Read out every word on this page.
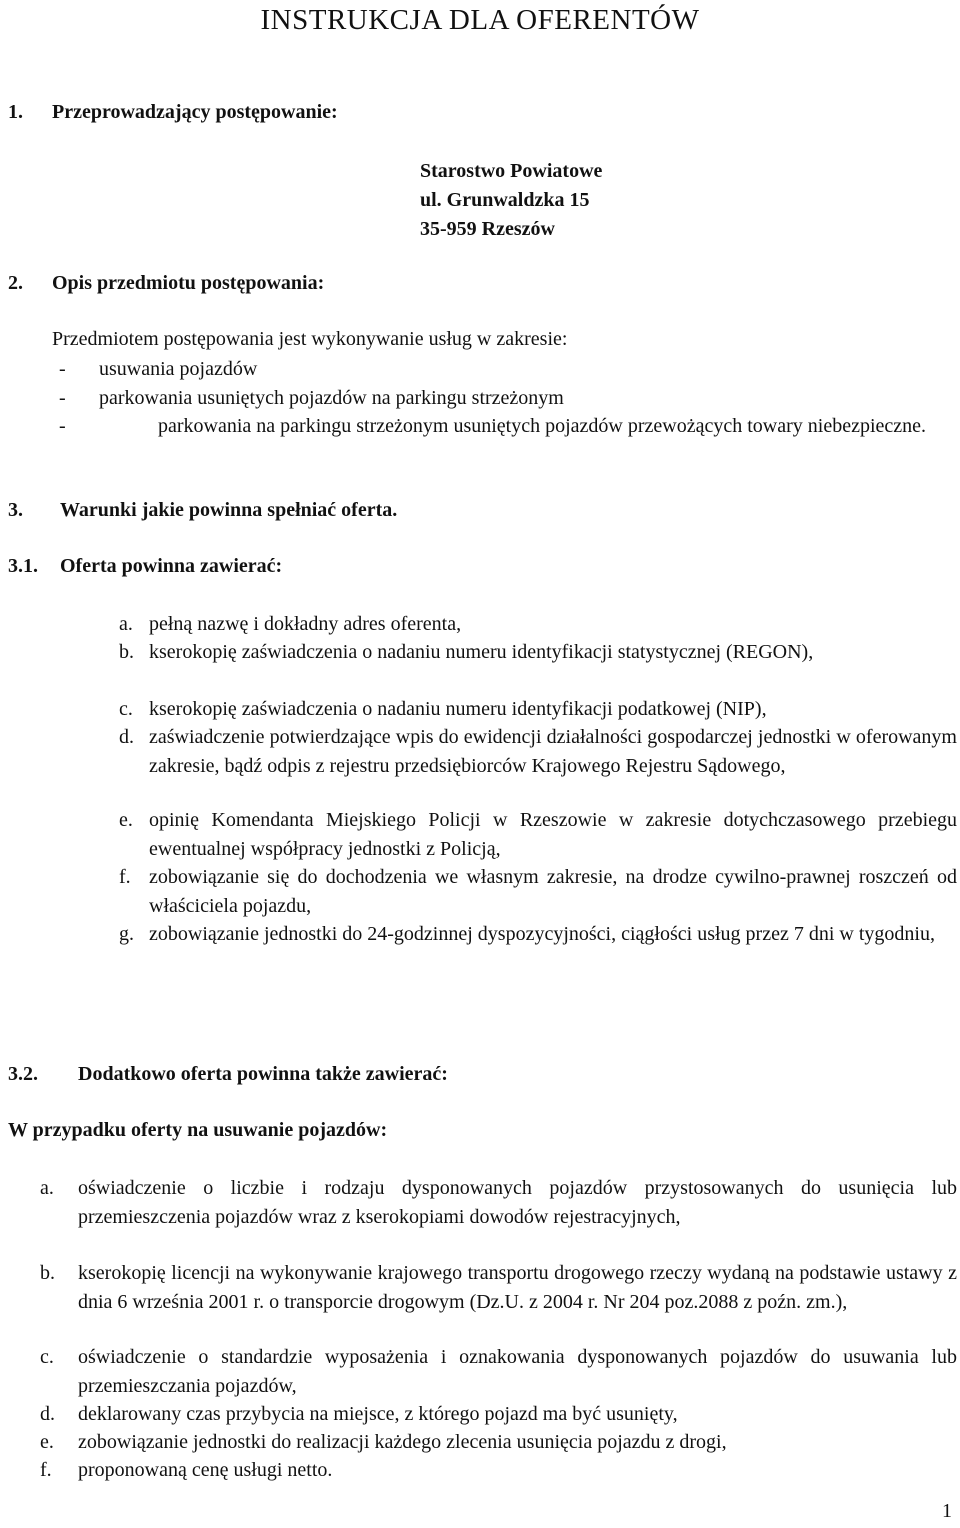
INSTRUKCJA DLA OFERENTÓW
1. Przeprowadzający postępowanie:
Starostwo Powiatowe
ul. Grunwaldzka 15
35-959 Rzeszów
2. Opis przedmiotu postępowania:
Przedmiotem postępowania jest wykonywanie usług w zakresie:
- usuwania pojazdów
- parkowania usuniętych pojazdów na parkingu strzeżonym
-	parkowania na parkingu strzeżonym usuniętych pojazdów przewożących towary niebezpieczne.
3. Warunki jakie powinna spełniać oferta.
3.1. Oferta powinna zawierać:
a. pełną nazwę i dokładny adres oferenta,
b. kserokopię zaświadczenia o nadaniu numeru identyfikacji statystycznej (REGON),
c. kserokopię zaświadczenia o nadaniu numeru identyfikacji podatkowej (NIP),
d. zaświadczenie potwierdzające wpis do ewidencji działalności gospodarczej jednostki w oferowanym zakresie, bądź odpis z rejestru przedsiębiorców Krajowego Rejestru Sądowego,
e. opinię Komendanta Miejskiego Policji w Rzeszowie w zakresie dotychczasowego przebiegu ewentualnej współpracy jednostki z Policją,
f. zobowiązanie się do dochodzenia we własnym zakresie, na drodze cywilno-prawnej roszczeń od właściciela pojazdu,
g. zobowiązanie jednostki do 24-godzinnej dyspozycyjności, ciągłości usług przez 7 dni w tygodniu,
3.2. Dodatkowo oferta powinna także zawierać:
W przypadku oferty na usuwanie pojazdów:
a. oświadczenie o liczbie i rodzaju dysponowanych pojazdów przystosowanych do usunięcia lub przemieszczenia pojazdów wraz z kserokopiami dowodów rejestracyjnych,
b. kserokopię licencji na wykonywanie krajowego transportu drogowego rzeczy wydaną na podstawie ustawy z dnia 6 września 2001 r. o transporcie drogowym (Dz.U. z 2004 r. Nr 204 poz.2088 z poźn. zm.),
c. oświadczenie o standardzie wyposażenia i oznakowania dysponowanych pojazdów do usuwania lub przemieszczania pojazdów,
d. deklarowany czas przybycia na miejsce, z którego pojazd ma być usunięty,
e. zobowiązanie jednostki do realizacji każdego zlecenia usunięcia pojazdu z drogi,
f. proponowaną cenę usługi netto.
1
